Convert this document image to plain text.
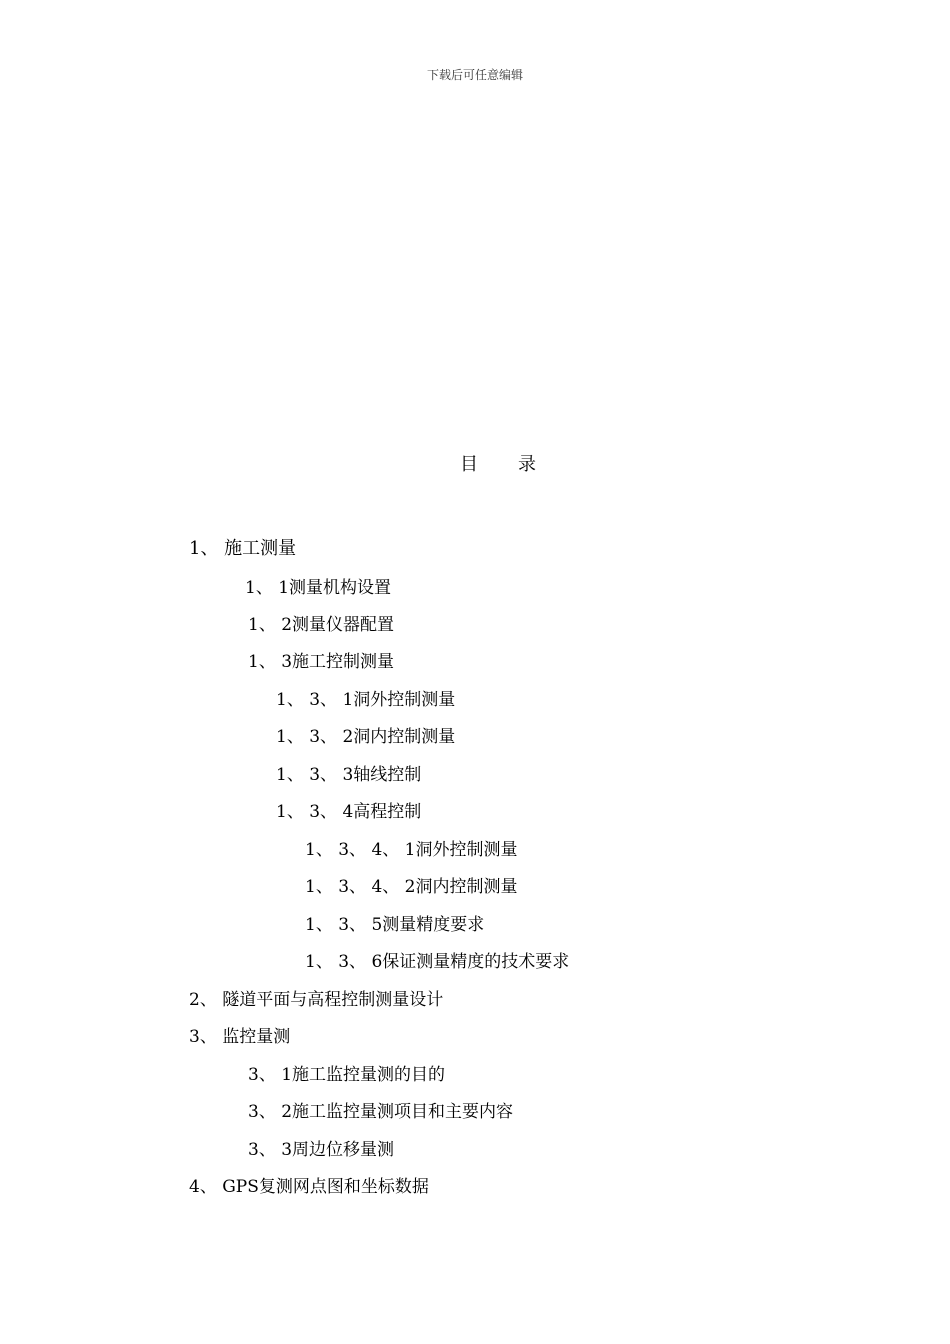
下载后可任意编辑
目 录
1、 施工测量
1、 1测量机构设置
1、 2测量仪器配置
1、 3施工控制测量
1、 3、 1洞外控制测量
1、 3、 2洞内控制测量
1、 3、 3轴线控制
1、 3、 4高程控制
1、 3、 4、 1洞外控制测量
1、 3、 4、 2洞内控制测量
1、 3、 5测量精度要求
1、 3、 6保证测量精度的技术要求
2、 隧道平面与高程控制测量设计
3、 监控量测
3、 1施工监控量测的目的
3、 2施工监控量测项目和主要内容
3、 3周边位移量测
4、 GPS复测网点图和坐标数据
